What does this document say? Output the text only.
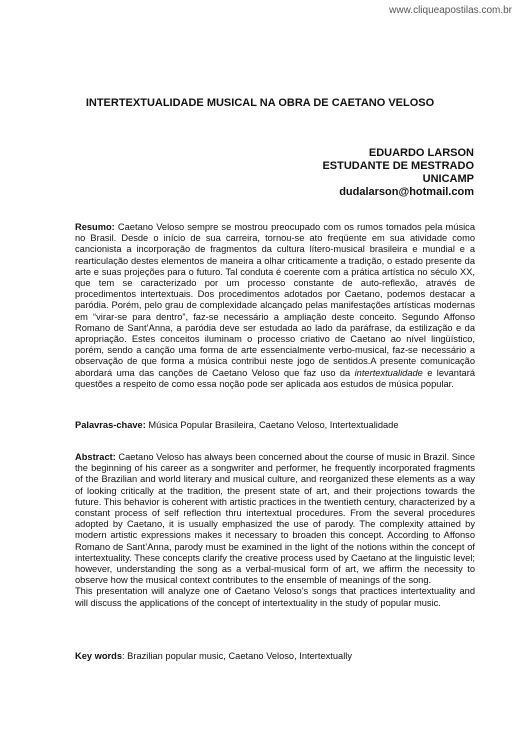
www.cliqueapostilas.com.br
INTERTEXTUALIDADE MUSICAL NA OBRA DE CAETANO VELOSO
EDUARDO LARSON
ESTUDANTE DE MESTRADO
UNICAMP
dudalarson@hotmail.com
Resumo: Caetano Veloso sempre se mostrou preocupado com os rumos tomados pela música no Brasil. Desde o início de sua carreira, tornou-se ato freqüente em sua atividade como cancionista a incorporação de fragmentos da cultura lítero-musical brasileira e mundial e a rearticulação destes elementos de maneira a olhar criticamente a tradição, o estado presente da arte e suas projeções para o futuro. Tal conduta é coerente com a prática artística no século XX, que tem se caracterizado por um processo constante de auto-reflexão, através de procedimentos intertextuais. Dos procedimentos adotados por Caetano, podemos destacar a paródia. Porém, pelo grau de complexidade alcançado pelas manifestações artísticas modernas em “virar-se para dentro”, faz-se necessário a ampliação deste conceito. Segundo Affonso Romano de Sant’Anna, a paródia deve ser estudada ao lado da paráfrase, da estilização e da apropriação. Estes conceitos iluminam o processo criativo de Caetano ao nível lingüístico, porém, sendo a canção uma forma de arte essencialmente verbo-musical, faz-se necessário a observação de que forma a música contribui neste jogo de sentidos.A presente comunicação abordará uma das canções de Caetano Veloso que faz uso da intertextualidade e levantará questões a respeito de como essa noção pode ser aplicada aos estudos de música popular.
Palavras-chave: Música Popular Brasileira, Caetano Veloso, Intertextualidade
Abstract: Caetano Veloso has always been concerned about the course of music in Brazil. Since the beginning of his career as a songwriter and performer, he frequently incorporated fragments of the Brazilian and world literary and musical culture, and reorganized these elements as a way of looking critically at the tradition, the present state of art, and their projections towards the future. This behavior is coherent with artistic practices in the twentieth century, characterized by a constant process of self reflection thru intertextual procedures. From the several procedures adopted by Caetano, it is usually emphasized the use of parody. The complexity attained by modern artistic expressions makes it necessary to broaden this concept. According to Affonso Romano de Sant’Anna, parody must be examined in the light of the notions within the concept of intertextuality. These concepts clarify the creative process used by Caetano at the linguistic level; however, understanding the song as a verbal-musical form of art, we affirm the necessity to observe how the musical context contributes to the ensemble of meanings of the song.
This presentation will analyze one of Caetano Veloso’s songs that practices intertextuality and will discuss the applications of the concept of intertextuality in the study of popular music.
Key words: Brazilian popular music, Caetano Veloso, Intertextually
